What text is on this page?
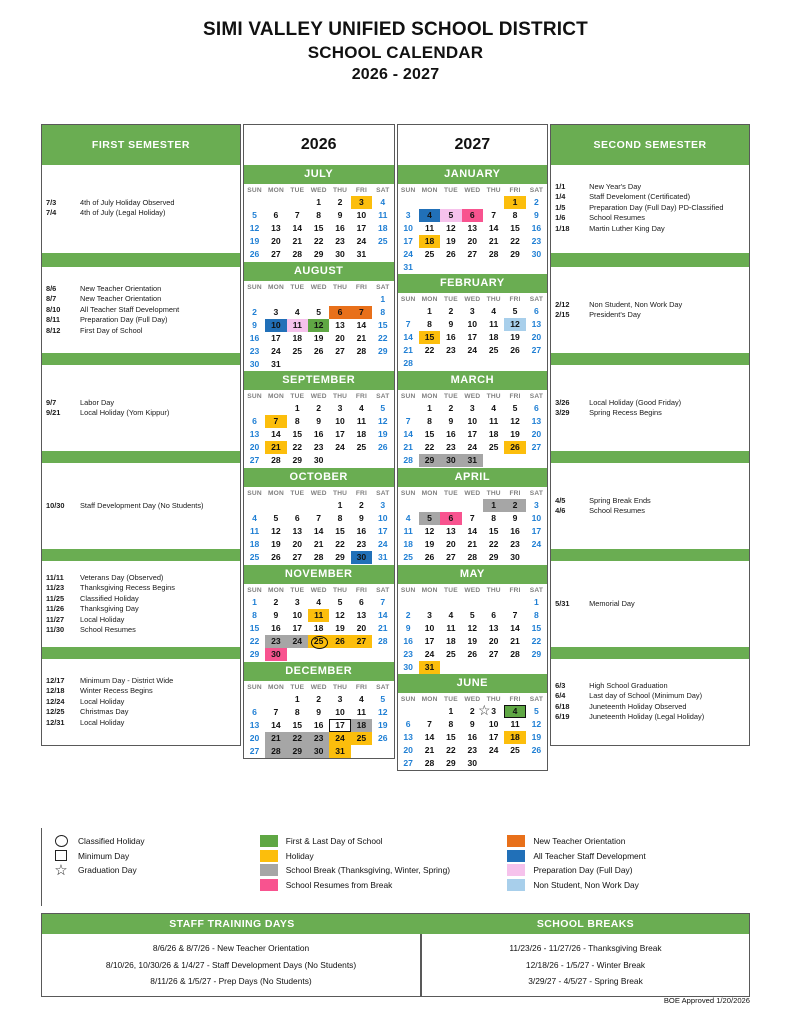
SIMI VALLEY UNIFIED SCHOOL DISTRICT
SCHOOL CALENDAR
2026 - 2027
FIRST SEMESTER
7/3	4th of July Holiday Observed
7/4	4th of July (Legal Holiday)
8/6	New Teacher Orientation
8/7	New Teacher Orientation
8/10	All Teacher Staff Development
8/11	Preparation Day (Full Day)
8/12	First Day of School
9/7	Labor Day
9/21	Local Holiday (Yom Kippur)
10/30	Staff Development Day (No Students)
11/11	Veterans Day (Observed)
11/23	Thanksgiving Recess Begins
11/25	Classified Holiday
11/26	Thanksgiving Day
11/27	Local Holiday
11/30	School Resumes
12/17	Minimum Day - District Wide
12/18	Winter Recess Begins
12/24	Local Holiday
12/25	Christmas Day
12/31	Local Holiday
2026
JULY
SUN	MON	TUE	WED	THU	FRI	SAT

			1	2	3	4

5	6	7	8	9	10	11

12	13	14	15	16	17	18

19	20	21	22	23	24	25

26	27	28	29	30	31	

AUGUST
SUN	MON	TUE	WED	THU	FRI	SAT

						1

2	3	4	5	6	7	8

9	10	11	12	13	14	15

16	17	18	19	20	21	22

23	24	25	26	27	28	29

30	31					

SEPTEMBER
SUN	MON	TUE	WED	THU	FRI	SAT

		1	2	3	4	5

6	7	8	9	10	11	12

13	14	15	16	17	18	19

20	21	22	23	24	25	26

27	28	29	30			

OCTOBER
SUN	MON	TUE	WED	THU	FRI	SAT

				1	2	3

4	5	6	7	8	9	10

11	12	13	14	15	16	17

18	19	20	21	22	23	24

25	26	27	28	29	30	31
NOVEMBER
SUN	MON	TUE	WED	THU	FRI	SAT

1	2	3	4	5	6	7

8	9	10	11	12	13	14

15	16	17	18	19	20	21

22	23	24	25	26	27	28

29	30					

DECEMBER
SUN	MON	TUE	WED	THU	FRI	SAT

		1	2	3	4	5

6	7	8	9	10	11	12

13	14	15	16	17	18	19

20	21	22	23	24	25	26

27	28	29	30	31		

2027
JANUARY
SUN	MON	TUE	WED	THU	FRI	SAT

					1	2

3	4	5	6	7	8	9

10	11	12	13	14	15	16

17	18	19	20	21	22	23

24	25	26	27	28	29	30

31						

FEBRUARY
SUN	MON	TUE	WED	THU	FRI	SAT

	1	2	3	4	5	6

7	8	9	10	11	12	13

14	15	16	17	18	19	20

21	22	23	24	25	26	27

28						

MARCH
SUN	MON	TUE	WED	THU	FRI	SAT

	1	2	3	4	5	6

7	8	9	10	11	12	13

14	15	16	17	18	19	20

21	22	23	24	25	26	27

28	29	30	31			

APRIL
SUN	MON	TUE	WED	THU	FRI	SAT

				1	2	3

4	5	6	7	8	9	10

11	12	13	14	15	16	17

18	19	20	21	22	23	24

25	26	27	28	29	30	

MAY
SUN	MON	TUE	WED	THU	FRI	SAT

						1

2	3	4	5	6	7	8

9	10	11	12	13	14	15

16	17	18	19	20	21	22

23	24	25	26	27	28	29

30	31					

JUNE
SUN	MON	TUE	WED	THU	FRI	SAT

		1	2	☆ 3	4	5

6	7	8	9	10	11	12

13	14	15	16	17	18	19

20	21	22	23	24	25	26

27	28	29	30			

SECOND SEMESTER
1/1	New Year's Day
1/4	Staff Develoment (Certificated)
1/5	Preparation Day (Full Day) PD-Classified
1/6	School Resumes
1/18	Martin Luther King Day
2/12	Non Student, Non Work Day
2/15	President's Day
3/26	Local Holiday (Good Friday)
3/29	Spring Recess Begins
4/5	Spring Break Ends
4/6	School Resumes
5/31	Memorial Day
6/3	High School Graduation
6/4	Last day of School (Minimum Day)
6/18	Juneteenth Holiday Observed
6/19	Juneteenth Holiday (Legal Holiday)
Classified Holiday
Minimum Day
☆ Graduation Day
First & Last Day of School
Holiday
School Break (Thanksgiving, Winter, Spring)
School Resumes from Break
New Teacher Orientation
All Teacher Staff Development
Preparation Day (Full Day)
Non Student, Non Work Day
STAFF TRAINING DAYS	SCHOOL BREAKS
8/6/26 & 8/7/26 - New Teacher Orientation
8/10/26, 10/30/26 & 1/4/27 - Staff Development Days (No Students)
8/11/26 & 1/5/27 - Prep Days (No Students)
11/23/26 - 11/27/26 - Thanksgiving Break
12/18/26 - 1/5/27 - Winter Break
3/29/27 - 4/5/27 - Spring Break
BOE Approved 1/20/2026
